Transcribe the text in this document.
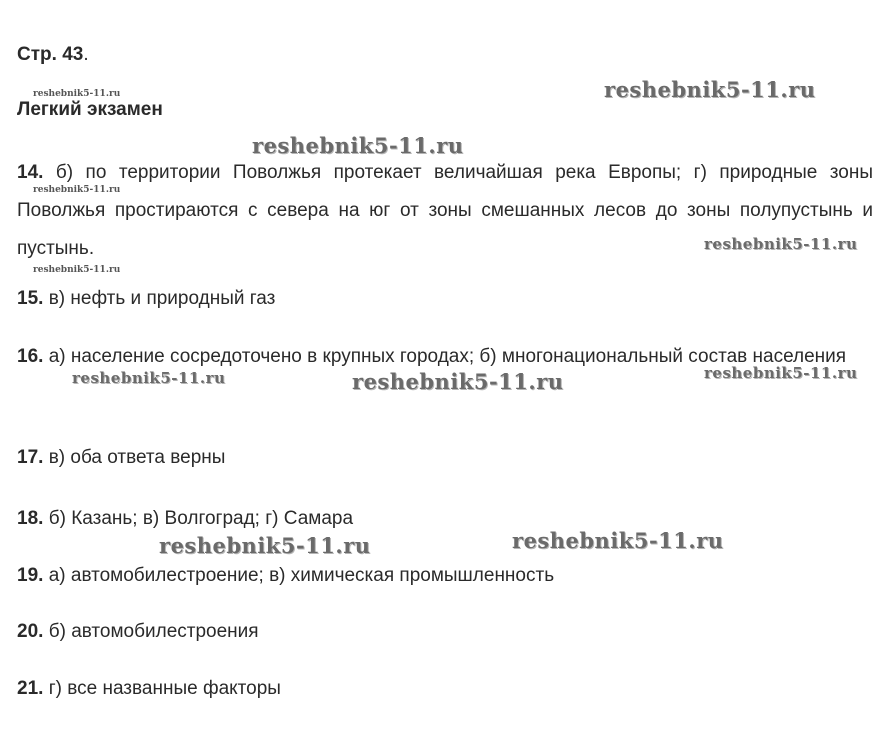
Стр. 43.
Легкий экзамен
14. б) по территории Поволжья протекает величайшая река Европы; г) природные зоны Поволжья простираются с севера на юг от зоны смешанных лесов до зоны полупустынь и пустынь.
15. в) нефть и природный газ
16. а) население сосредоточено в крупных городах; б) многонациональный состав населения
17. в) оба ответа верны
18. б) Казань; в) Волгоград; г) Самара
19. а) автомобилестроение; в) химическая промышленность
20. б) автомобилестроения
21. г) все названные факторы
reshebnik5-11.ru	reshebnik5-11.ru
reshebnik5-11.ru
reshebnik5-11.ru
reshebnik5-11.ru
reshebnik5-11.ru
reshebnik5-11.ru	reshebnik5-11.ru	reshebnik5-11.ru
reshebnik5-11.ru	reshebnik5-11.ru
